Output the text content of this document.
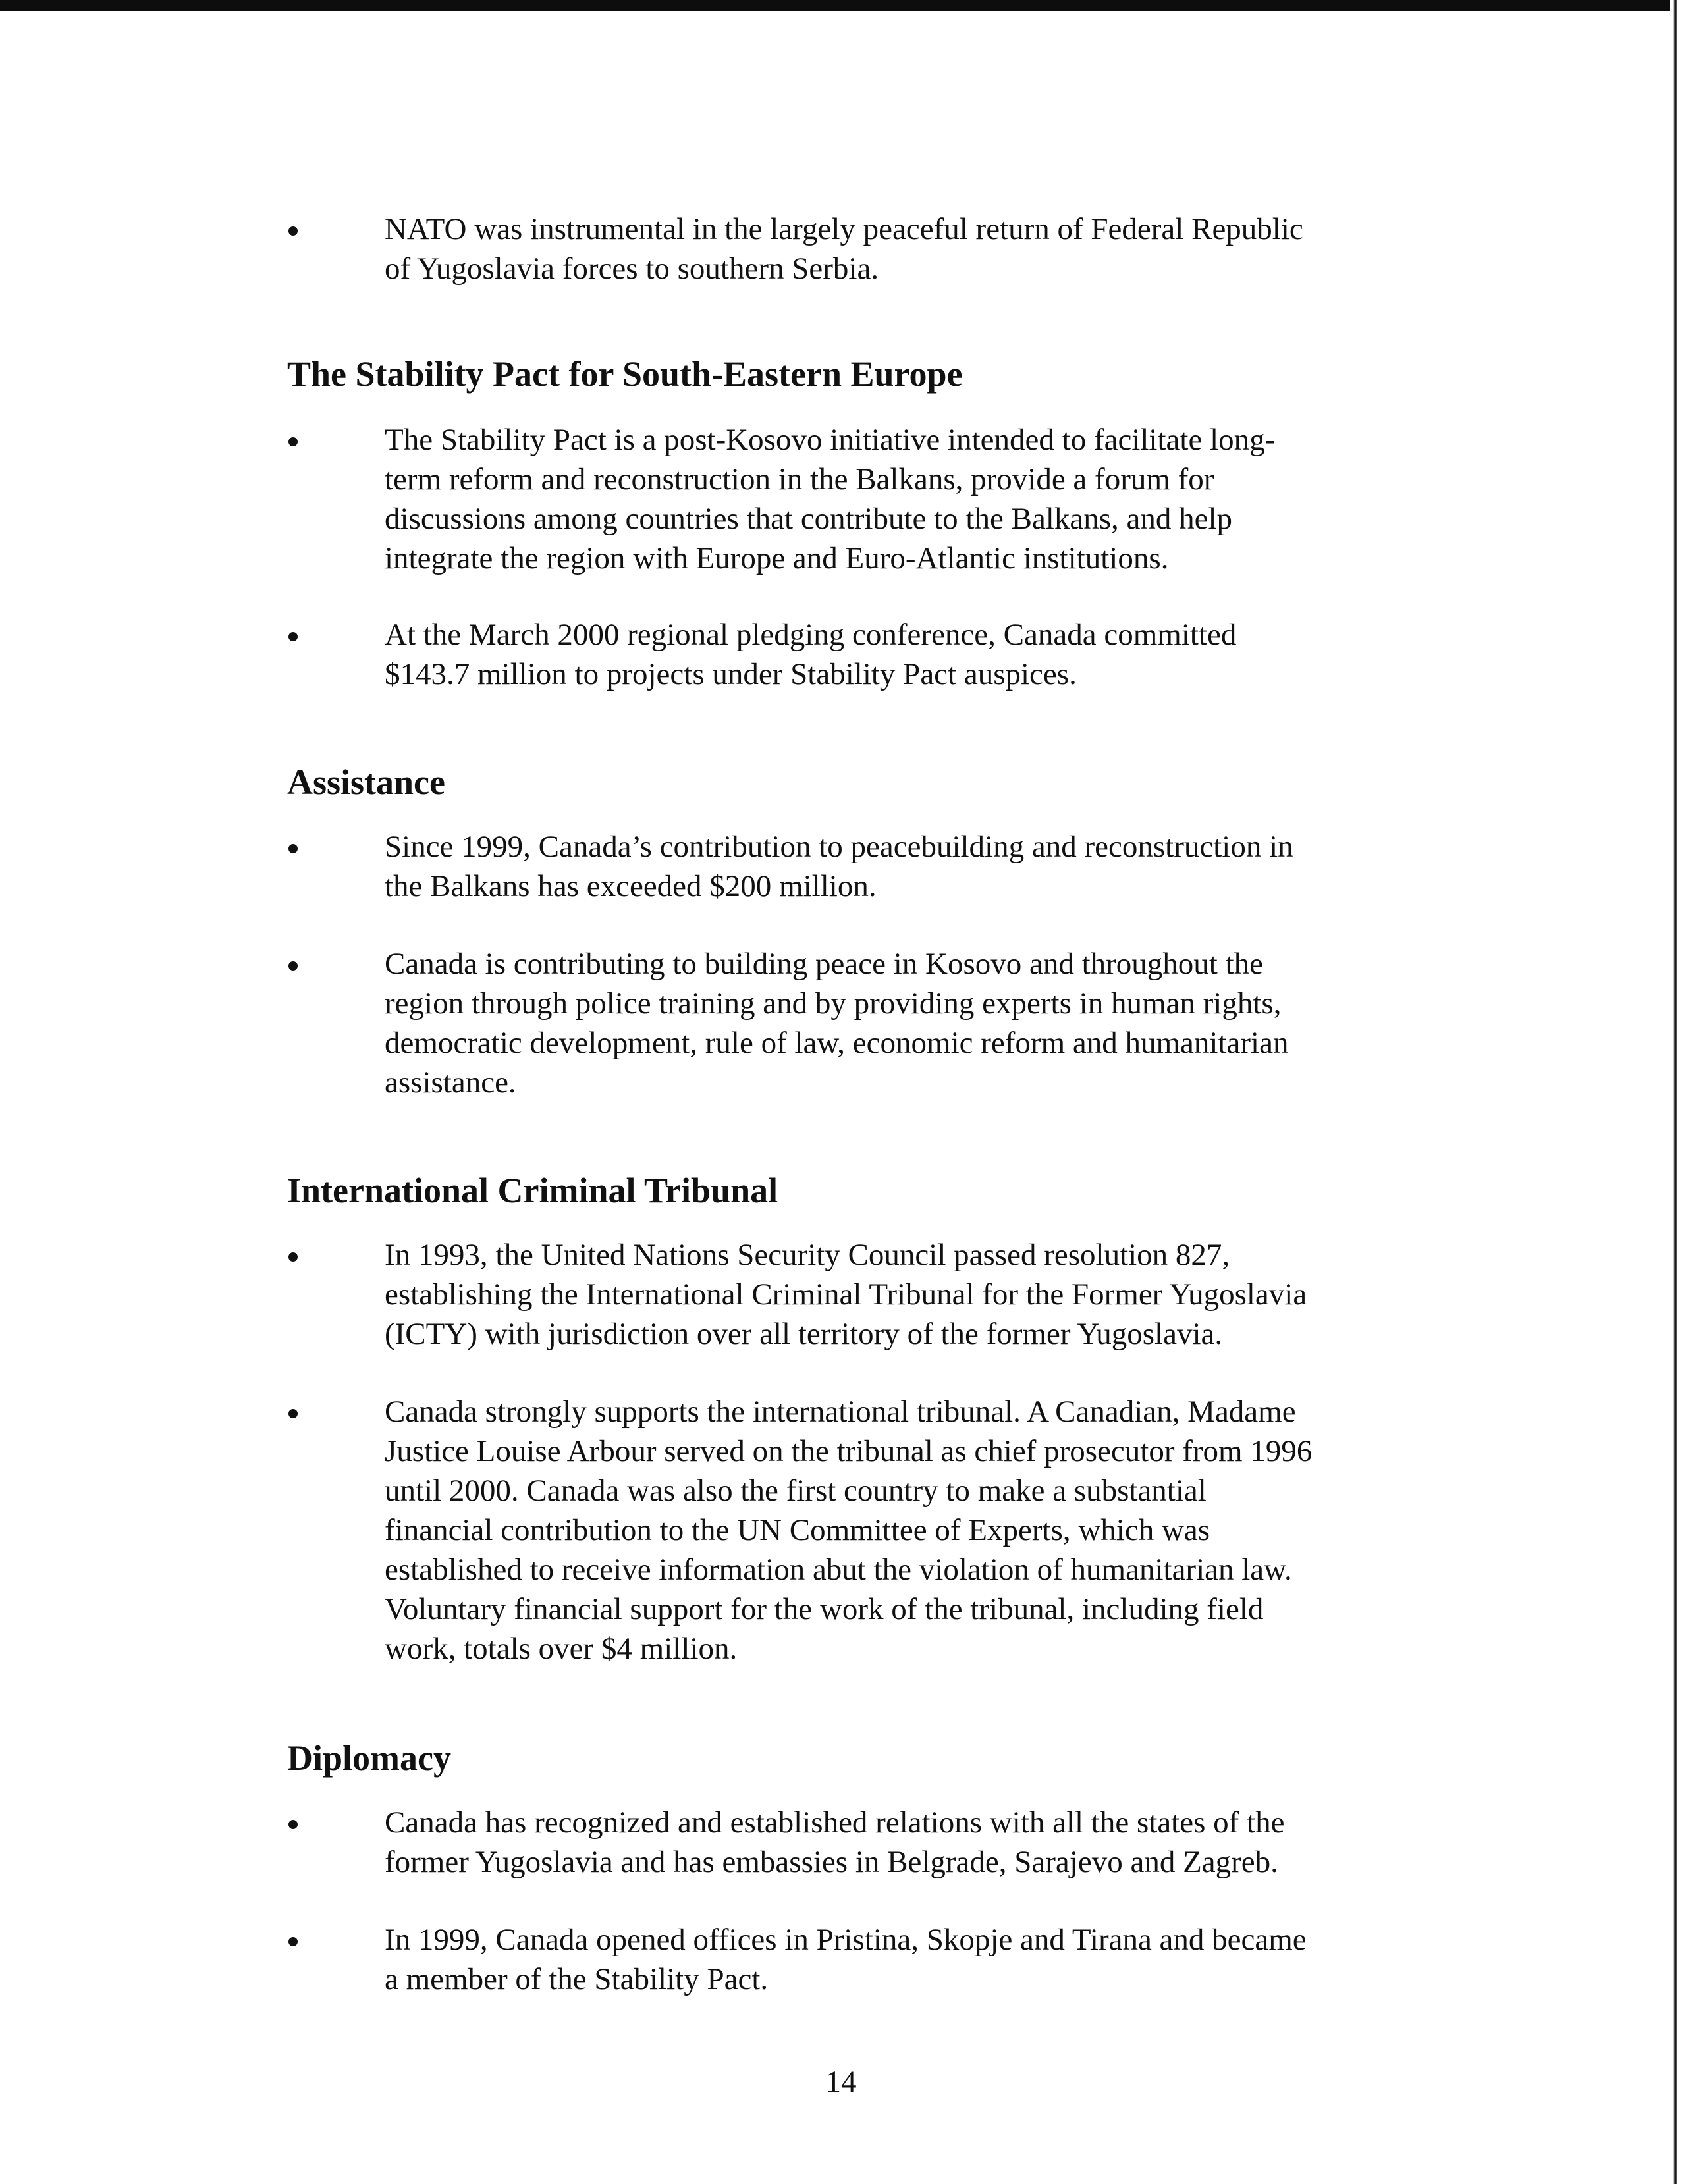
NATO was instrumental in the largely peaceful return of Federal Republic
of Yugoslavia forces to southern Serbia.

The Stability Pact for South-Eastern Europe

The Stability Pact is a post-Kosovo initiative intended to facilitate long-
term reform and reconstruction in the Balkans, provide a forum for
discussions among countries that contribute to the Balkans, and help
integrate the region with Europe and Euro-Atlantic institutions.

At the March 2000 regional pledging conference, Canada committed
$143.7 million to projects under Stability Pact auspices.

Assistance

Since 1999, Canada’s contribution to peacebuilding and reconstruction in
the Balkans has exceeded $200 million.

Canada is contributing to building peace in Kosovo and throughout the
region through police training and by providing experts in human rights,
democratic development, rule of law, economic reform and humanitarian
assistance.

International Criminal Tribunal

In 1993, the United Nations Security Council passed resolution 827,
establishing the International Criminal Tribunal for the Former Yugoslavia
(ICTY) with jurisdiction over all territory of the former Yugoslavia.

Canada strongly supports the international tribunal. A Canadian, Madame
Justice Louise Arbour served on the tribunal as chief prosecutor from 1996
until 2000. Canada was also the first country to make a substantial
financial contribution to the UN Committee of Experts, which was
established to receive information abut the violation of humanitarian law.
Voluntary financial support for the work of the tribunal, including field
work, totals over $4 million.

Diplomacy

Canada has recognized and established relations with all the states of the
former Yugoslavia and has embassies in Belgrade, Sarajevo and Zagreb.

In 1999, Canada opened offices in Pristina, Skopje and Tirana and became
a member of the Stability Pact.

14
